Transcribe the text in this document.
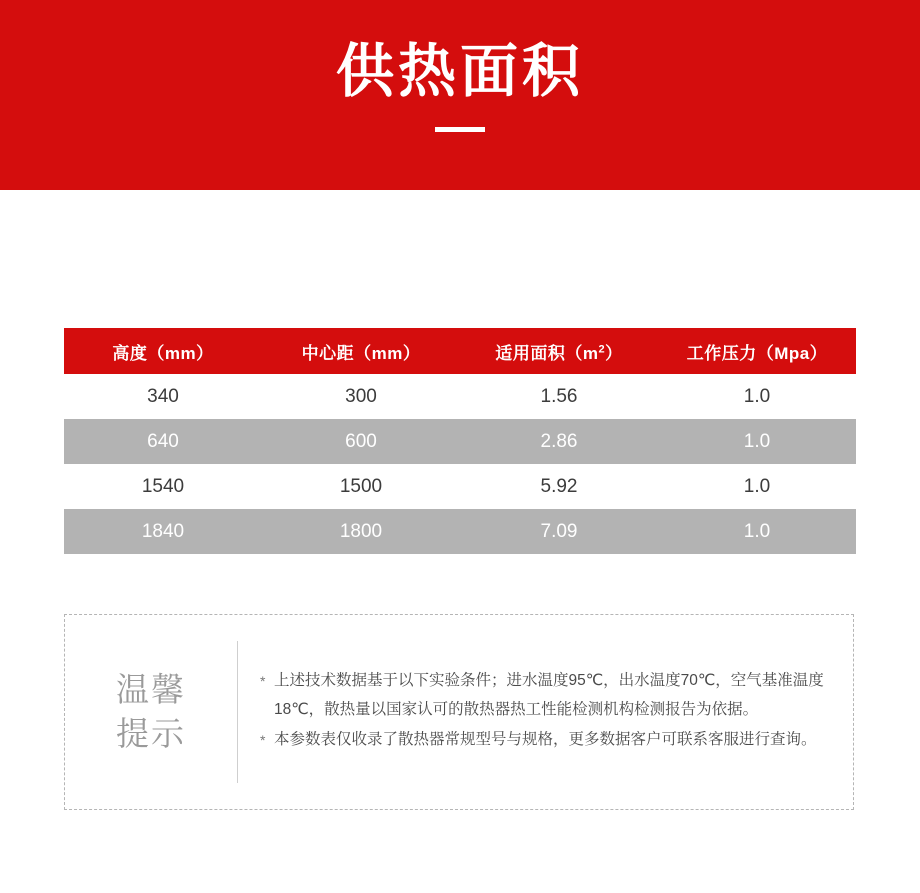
供热面积
高度（mm）	中心距（mm）	适用面积$(m^2)$	工作压力（Mpa）
340	300	1.56	1.0
640	600	2.86	1.0
1540	1500	5.92	1.0
1840	1800	7.09	1.0
温馨
提示
* 上述技术数据基于以下实验条件；进水温度95℃，出水温度70℃，空气基准温度18℃，散热量以国家认可的散热器热工性能检测机构检测报告为依据。
* 本参数表仅收录了散热器常规型号与规格，更多数据客户可联系客服进行查询。
